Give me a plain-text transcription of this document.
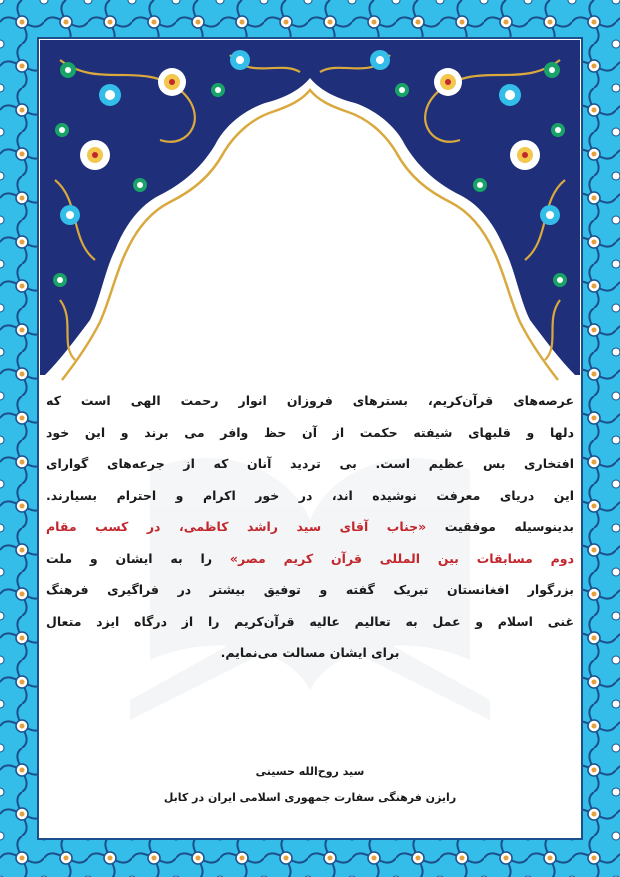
بسم الله الرحمن الرحیم
قال رسول الله صلی الله علیه وآله :
اِذَا التَبَسَت عَلَیکمُ الفِتَنُ، کَقِطعِ الَّیلِ المُظلِمِ فَعَلَیکُم بِالقُرآنِ .
هنگامی که فتنه ها، هم چون پاره های شب تاریک، شما
را در خود پیچید، برشماست که به قرآن تمسک جویید.
اصول کافی ج۲ص۴۵۹
عرصه‌های قرآن‌کریم، بسترهای فروزان انوار رحمت الهی است که
دلها و قلبهای شیفته حکمت از آن حظ وافر می برند و این خود
افتخاری بس عظیم است. بی تردید آنان که از جرعه‌های گوارای
این دریای معرفت نوشیده اند، در خور اکرام و احترام بسیارند.
بدینوسیله موفقیت «جناب آقای سید راشد کاظمی، در کسب مقام
دوم مسابقات بین المللی قرآن کریم مصر» را به ایشان و ملت
بزرگوار افغانستان تبریک گفته و توفیق بیشتر در فراگیری فرهنگ
غنی اسلام و عمل به تعالیم عالیه قرآن‌کریم را از درگاه ایزد متعال
برای ایشان مسالت می‌نمایم.
سید روح‌الله حسینی
رایزن فرهنگی سفارت جمهوری اسلامی ایران در کابل
